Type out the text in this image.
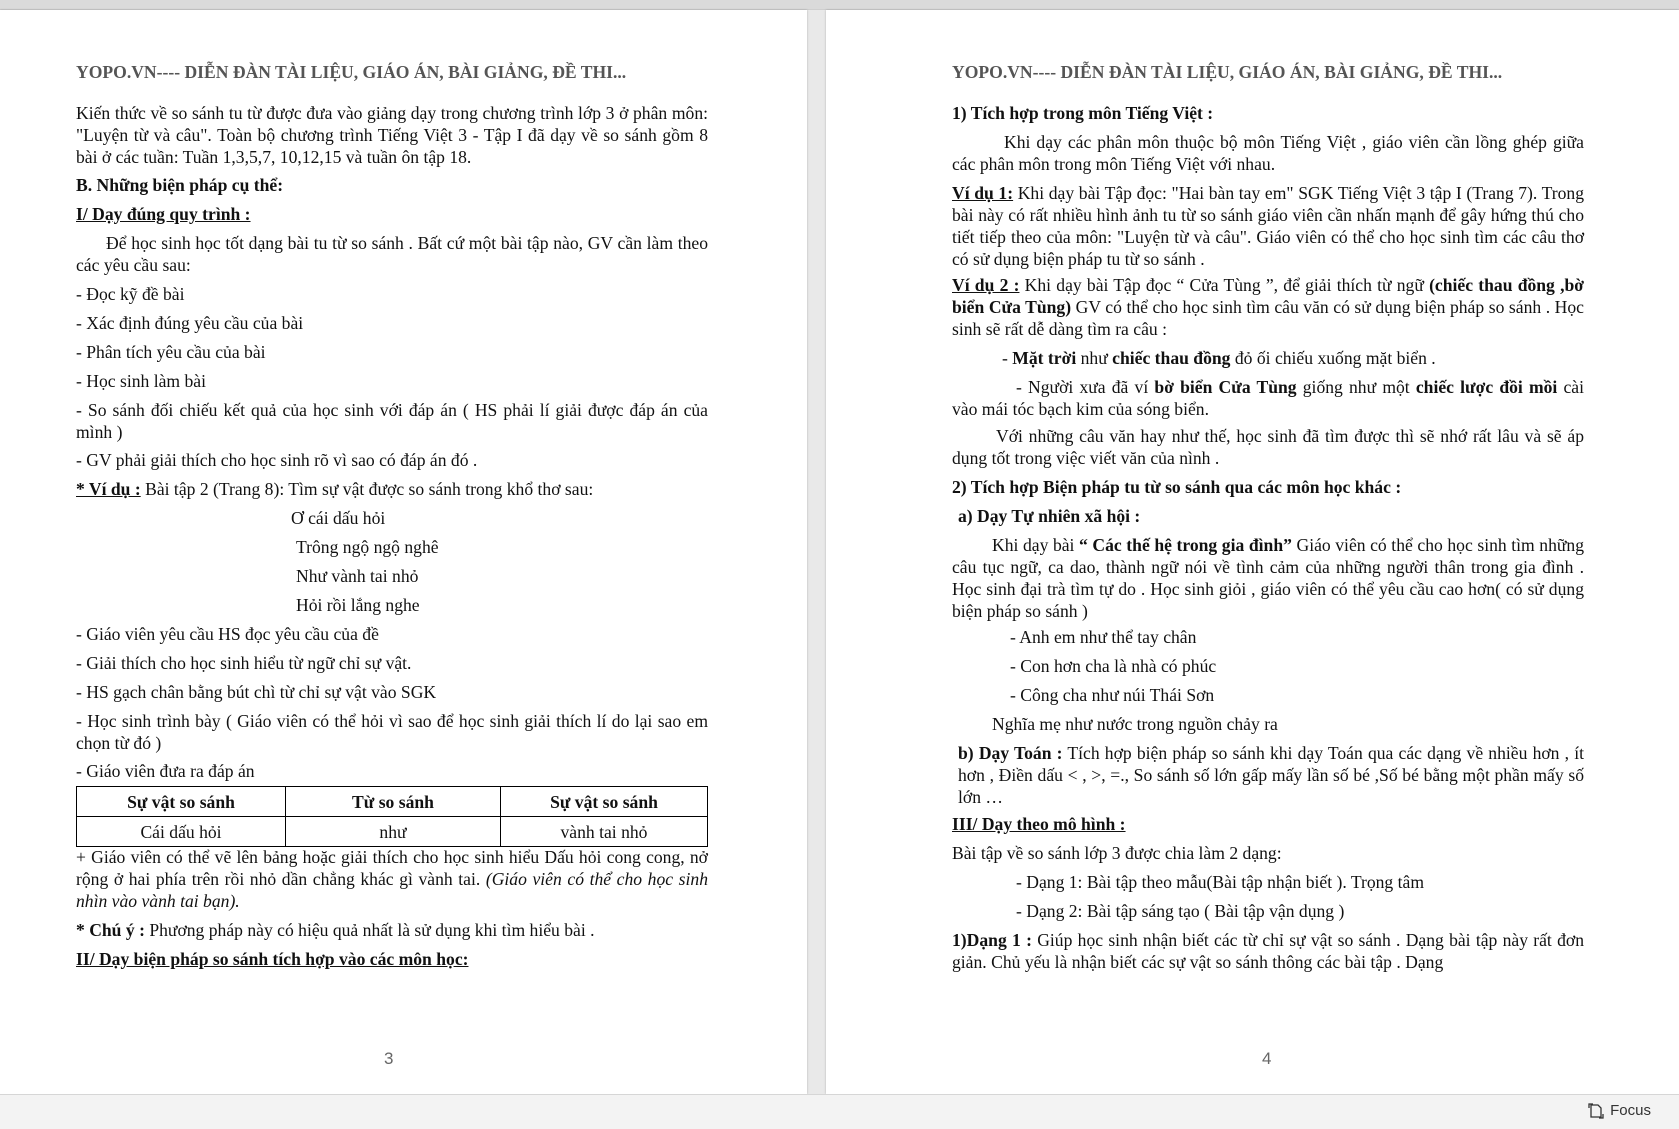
YOPO.VN---- DIỄN ĐÀN TÀI LIỆU, GIÁO ÁN, BÀI GIẢNG, ĐỀ THI...
Kiến thức về so sánh tu từ được đưa vào giảng dạy trong chương trình lớp 3 ở phân môn: "Luyện từ và câu". Toàn bộ chương trình Tiếng Việt 3 - Tập I đã dạy về so sánh gồm 8 bài ở các tuần: Tuần 1,3,5,7, 10,12,15 và tuần ôn tập 18.
B. Những biện pháp cụ thể:
I/ Dạy đúng quy trình :
Để học sinh học tốt dạng bài tu từ so sánh . Bất cứ một bài tập nào, GV cần làm theo các yêu cầu sau:
- Đọc kỹ đề bài
- Xác định đúng yêu cầu của bài
- Phân tích yêu cầu của bài
- Học sinh làm bài
- So sánh đối chiếu kết quả của học sinh với đáp án ( HS phải lí giải được đáp án của mình )
- GV phải giải thích cho học sinh rõ vì sao có đáp án đó .
* Ví dụ : Bài tập 2 (Trang 8): Tìm sự vật được so sánh trong khổ thơ sau:
Ơ cái dấu hỏi
Trông ngộ ngộ nghê
Như vành tai nhỏ
Hỏi rồi lắng nghe
- Giáo viên yêu cầu HS đọc yêu cầu của đề
- Giải thích cho học sinh hiểu từ ngữ chỉ sự vật.
- HS gạch chân bằng bút chì từ chỉ sự vật vào SGK
- Học sinh trình bày ( Giáo viên có thể hỏi vì sao để học sinh giải thích lí do lại sao em chọn từ đó )
- Giáo viên đưa ra đáp án
Sự vật so sánh	Từ so sánh	Sự vật so sánh
Cái dấu hỏi	như	vành tai nhỏ
+ Giáo viên có thể vẽ lên bảng hoặc giải thích cho học sinh hiểu Dấu hỏi cong cong, nở rộng ở hai phía trên rồi nhỏ dần chẳng khác gì vành tai. (Giáo viên có thể cho học sinh nhìn vào vành tai bạn).
* Chú ý : Phương pháp này có hiệu quả nhất là sử dụng khi tìm hiểu bài .
II/ Dạy biện pháp so sánh tích hợp vào các môn học:
3
YOPO.VN---- DIỄN ĐÀN TÀI LIỆU, GIÁO ÁN, BÀI GIẢNG, ĐỀ THI...
1) Tích hợp trong môn Tiếng Việt :
Khi dạy các phân môn thuộc bộ môn Tiếng Việt , giáo viên cần lồng ghép giữa các phân môn trong môn Tiếng Việt với nhau.
Ví dụ 1: Khi dạy bài Tập đọc: "Hai bàn tay em" SGK Tiếng Việt 3 tập I (Trang 7). Trong bài này có rất nhiều hình ảnh tu từ so sánh giáo viên cần nhấn mạnh để gây hứng thú cho tiết tiếp theo của môn: "Luyện từ và câu". Giáo viên có thể cho học sinh tìm các câu thơ có sử dụng biện pháp tu từ so sánh .
Ví dụ 2 : Khi dạy bài Tập đọc “ Cửa Tùng ”, để giải thích từ ngữ (chiếc thau đồng ,bờ biển Cửa Tùng) GV có thể cho học sinh tìm câu văn có sử dụng biện pháp so sánh . Học sinh sẽ rất dễ dàng tìm ra câu :
- Mặt trời như chiếc thau đồng đỏ ối chiếu xuống mặt biển .
- Người xưa đã ví bờ biển Cửa Tùng giống như một chiếc lược đồi mồi cài vào mái tóc bạch kim của sóng biển.
Với những câu văn hay như thế, học sinh đã tìm được thì sẽ nhớ rất lâu và sẽ áp dụng tốt trong việc viết văn của nình .
2) Tích hợp Biện pháp tu từ so sánh qua các môn học khác :
a) Dạy Tự nhiên xã hội :
Khi dạy bài “ Các thế hệ trong gia đình” Giáo viên có thể cho học sinh tìm những câu tục ngữ, ca dao, thành ngữ nói về tình cảm của những người thân trong gia đình . Học sinh đại trà tìm tự do . Học sinh giỏi , giáo viên có thể yêu cầu cao hơn( có sử dụng biện pháp so sánh )
- Anh em như thể tay chân
- Con hơn cha là nhà có phúc
- Công cha như núi Thái Sơn
Nghĩa mẹ như nước trong nguồn chảy ra
b) Dạy Toán : Tích hợp biện pháp so sánh khi dạy Toán qua các dạng về nhiều hơn , ít hơn , Điền dấu < , >, =., So sánh số lớn gấp mấy lần số bé ,Số bé bằng một phần mấy số lớn …
III/ Dạy theo mô hình :
Bài tập về so sánh lớp 3 được chia làm 2 dạng:
- Dạng 1: Bài tập theo mẫu(Bài tập nhận biết ). Trọng tâm
- Dạng 2: Bài tập sáng tạo ( Bài tập vận dụng )
1)Dạng 1 : Giúp học sinh nhận biết các từ chỉ sự vật so sánh . Dạng bài tập này rất đơn giản. Chủ yếu là nhận biết các sự vật so sánh thông các bài tập . Dạng
4
Focus
